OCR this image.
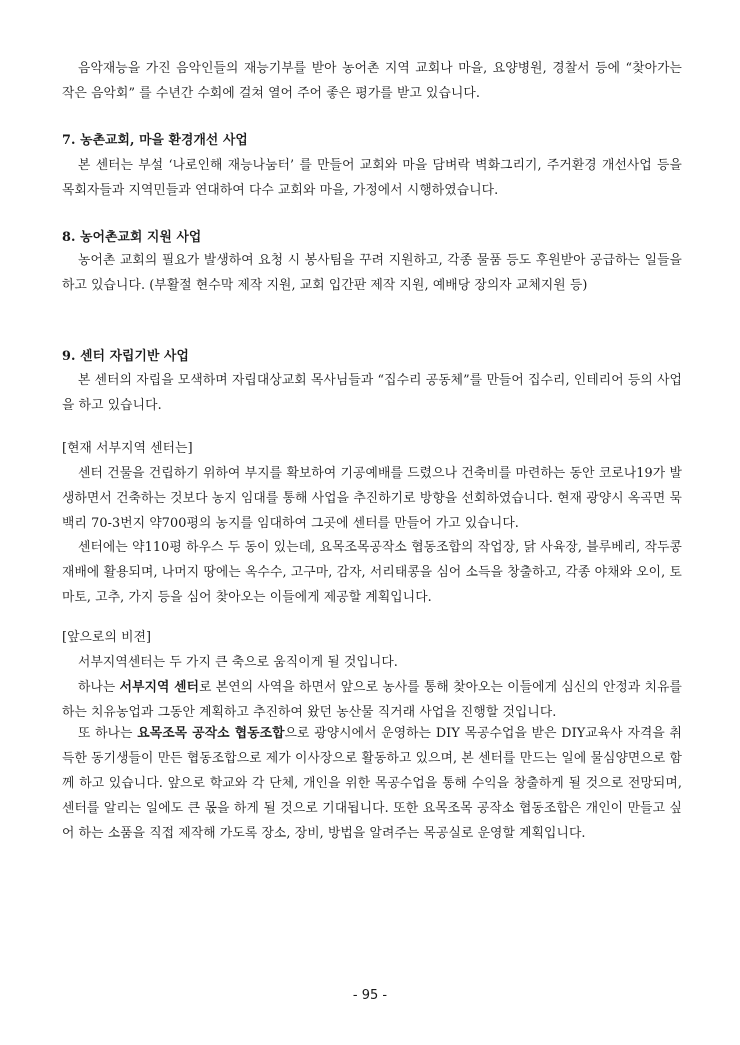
음악재능을 가진 음악인들의 재능기부를 받아 농어촌 지역 교회나 마을, 요양병원, 경찰서 등에 “찾아가는 작은 음악회” 를 수년간 수회에 걸쳐 열어 주어 좋은 평가를 받고 있습니다.

7. 농촌교회, 마을 환경개선 사업

본 센터는 부설 ‘나로인해 재능나눔터’ 를 만들어 교회와 마을 담벼락 벽화그리기, 주거환경 개선사업 등을 목회자들과 지역민들과 연대하여 다수 교회와 마을, 가정에서 시행하였습니다.

8. 농어촌교회 지원 사업

농어촌 교회의 필요가 발생하여 요청 시 봉사팀을 꾸려 지원하고, 각종 물품 등도 후원받아 공급하는 일들을 하고 있습니다. (부활절 현수막 제작 지원, 교회 입간판 제작 지원, 예배당 장의자 교체지원 등)

9. 센터 자립기반 사업

본 센터의 자립을 모색하며 자립대상교회 목사님들과 “집수리 공동체”를 만들어 집수리, 인테리어 등의 사업을 하고 있습니다.

[현재 서부지역 센터는]

센터 건물을 건립하기 위하여 부지를 확보하여 기공예배를 드렸으나 건축비를 마련하는 동안 코로나19가 발생하면서 건축하는 것보다 농지 임대를 통해 사업을 추진하기로 방향을 선회하였습니다. 현재 광양시 옥곡면 묵백리 70-3번지 약700평의 농지를 임대하여 그곳에 센터를 만들어 가고 있습니다.

센터에는 약110평 하우스 두 동이 있는데, 요목조목공작소 협동조합의 작업장, 닭 사육장, 블루베리, 작두콩 재배에 활용되며, 나머지 땅에는 옥수수, 고구마, 감자, 서리태콩을 심어 소득을 창출하고, 각종 야채와 오이, 토마토, 고추, 가지 등을 심어 찾아오는 이들에게 제공할 계획입니다.

[앞으로의 비젼]

서부지역센터는 두 가지 큰 축으로 움직이게 될 것입니다.

하나는 서부지역 센터로 본연의 사역을 하면서 앞으로 농사를 통해 찾아오는 이들에게 심신의 안정과 치유를 하는 치유농업과 그동안 계획하고 추진하여 왔던 농산물 직거래 사업을 진행할 것입니다.

또 하나는 요목조목 공작소 협동조합으로 광양시에서 운영하는 DIY 목공수업을 받은 DIY교육사 자격을 취득한 동기생들이 만든 협동조합으로 제가 이사장으로 활동하고 있으며, 본 센터를 만드는 일에 물심양면으로 함께 하고 있습니다. 앞으로 학교와 각 단체, 개인을 위한 목공수업을 통해 수익을 창출하게 될 것으로 전망되며, 센터를 알리는 일에도 큰 몫을 하게 될 것으로 기대됩니다. 또한 요목조목 공작소 협동조합은 개인이 만들고 싶어 하는 소품을 직접 제작해 가도록 장소, 장비, 방법을 알려주는 목공실로 운영할 계획입니다.

- 95 -
